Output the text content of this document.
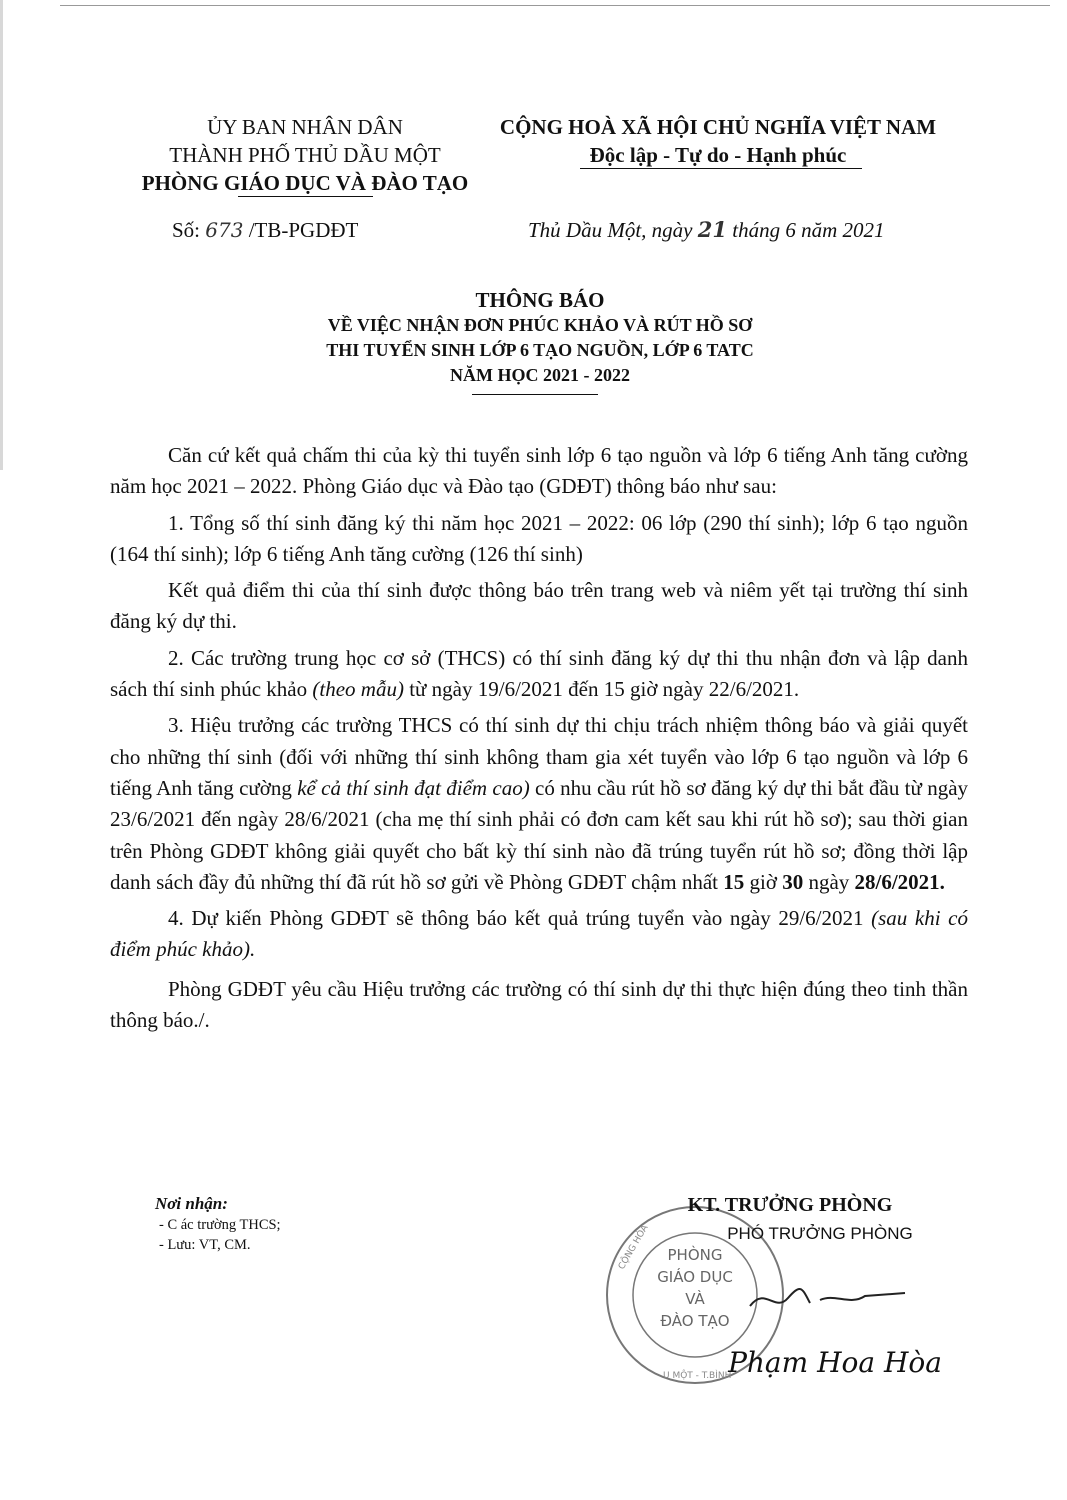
ỦY BAN NHÂN DÂN
THÀNH PHỐ THỦ DẦU MỘT
PHÒNG GIÁO DỤC VÀ ĐÀO TẠO
CỘNG HOÀ XÃ HỘI CHỦ NGHĨA VIỆT NAM
Độc lập - Tự do - Hạnh phúc
Số: 673 /TB-PGDĐT	Thủ Dầu Một, ngày 21 tháng 6 năm 2021
THÔNG BÁO
VỀ VIỆC NHẬN ĐƠN PHÚC KHẢO VÀ RÚT HỒ SƠ
THI TUYỂN SINH LỚP 6 TẠO NGUỒN, LỚP 6 TATC
NĂM HỌC 2021 - 2022

Căn cứ kết quả chấm thi của kỳ thi tuyển sinh lớp 6 tạo nguồn và lớp 6 tiếng Anh tăng cường năm học 2021 – 2022. Phòng Giáo dục và Đào tạo (GDĐT) thông báo như sau:

1. Tổng số thí sinh đăng ký thi năm học 2021 – 2022: 06 lớp (290 thí sinh); lớp 6 tạo nguồn (164 thí sinh); lớp 6 tiếng Anh tăng cường (126 thí sinh)

Kết quả điểm thi của thí sinh được thông báo trên trang web và niêm yết tại trường thí sinh đăng ký dự thi.

2. Các trường trung học cơ sở (THCS) có thí sinh đăng ký dự thi thu nhận đơn và lập danh sách thí sinh phúc khảo (theo mẫu) từ ngày 19/6/2021 đến 15 giờ ngày 22/6/2021.

3. Hiệu trưởng các trường THCS có thí sinh dự thi chịu trách nhiệm thông báo và giải quyết cho những thí sinh (đối với những thí sinh không tham gia xét tuyển vào lớp 6 tạo nguồn và lớp 6 tiếng Anh tăng cường kể cả thí sinh đạt điểm cao) có nhu cầu rút hồ sơ đăng ký dự thi bắt đầu từ ngày 23/6/2021 đến ngày 28/6/2021 (cha mẹ thí sinh phải có đơn cam kết sau khi rút hồ sơ); sau thời gian trên Phòng GDĐT không giải quyết cho bất kỳ thí sinh nào đã trúng tuyển rút hồ sơ; đồng thời lập danh sách đầy đủ những thí đã rút hồ sơ gửi về Phòng GDĐT chậm nhất 15 giờ 30 ngày 28/6/2021.

4. Dự kiến Phòng GDĐT sẽ thông báo kết quả trúng tuyển vào ngày 29/6/2021 (sau khi có điểm phúc khảo).

Phòng GDĐT yêu cầu Hiệu trưởng các trường có thí sinh dự thi thực hiện đúng theo tinh thần thông báo./.

Nơi nhận:
- C ác trường THCS;
- Lưu: VT, CM.
PHÒNG
GIÁO DỤC
VÀ
ĐÀO TẠO
CỘNG HÒA
U MỘT - T.BÌNH
KT. TRƯỞNG PHÒNG
PHÓ TRƯỞNG PHÒNG
Phạm Hoa Hòa
